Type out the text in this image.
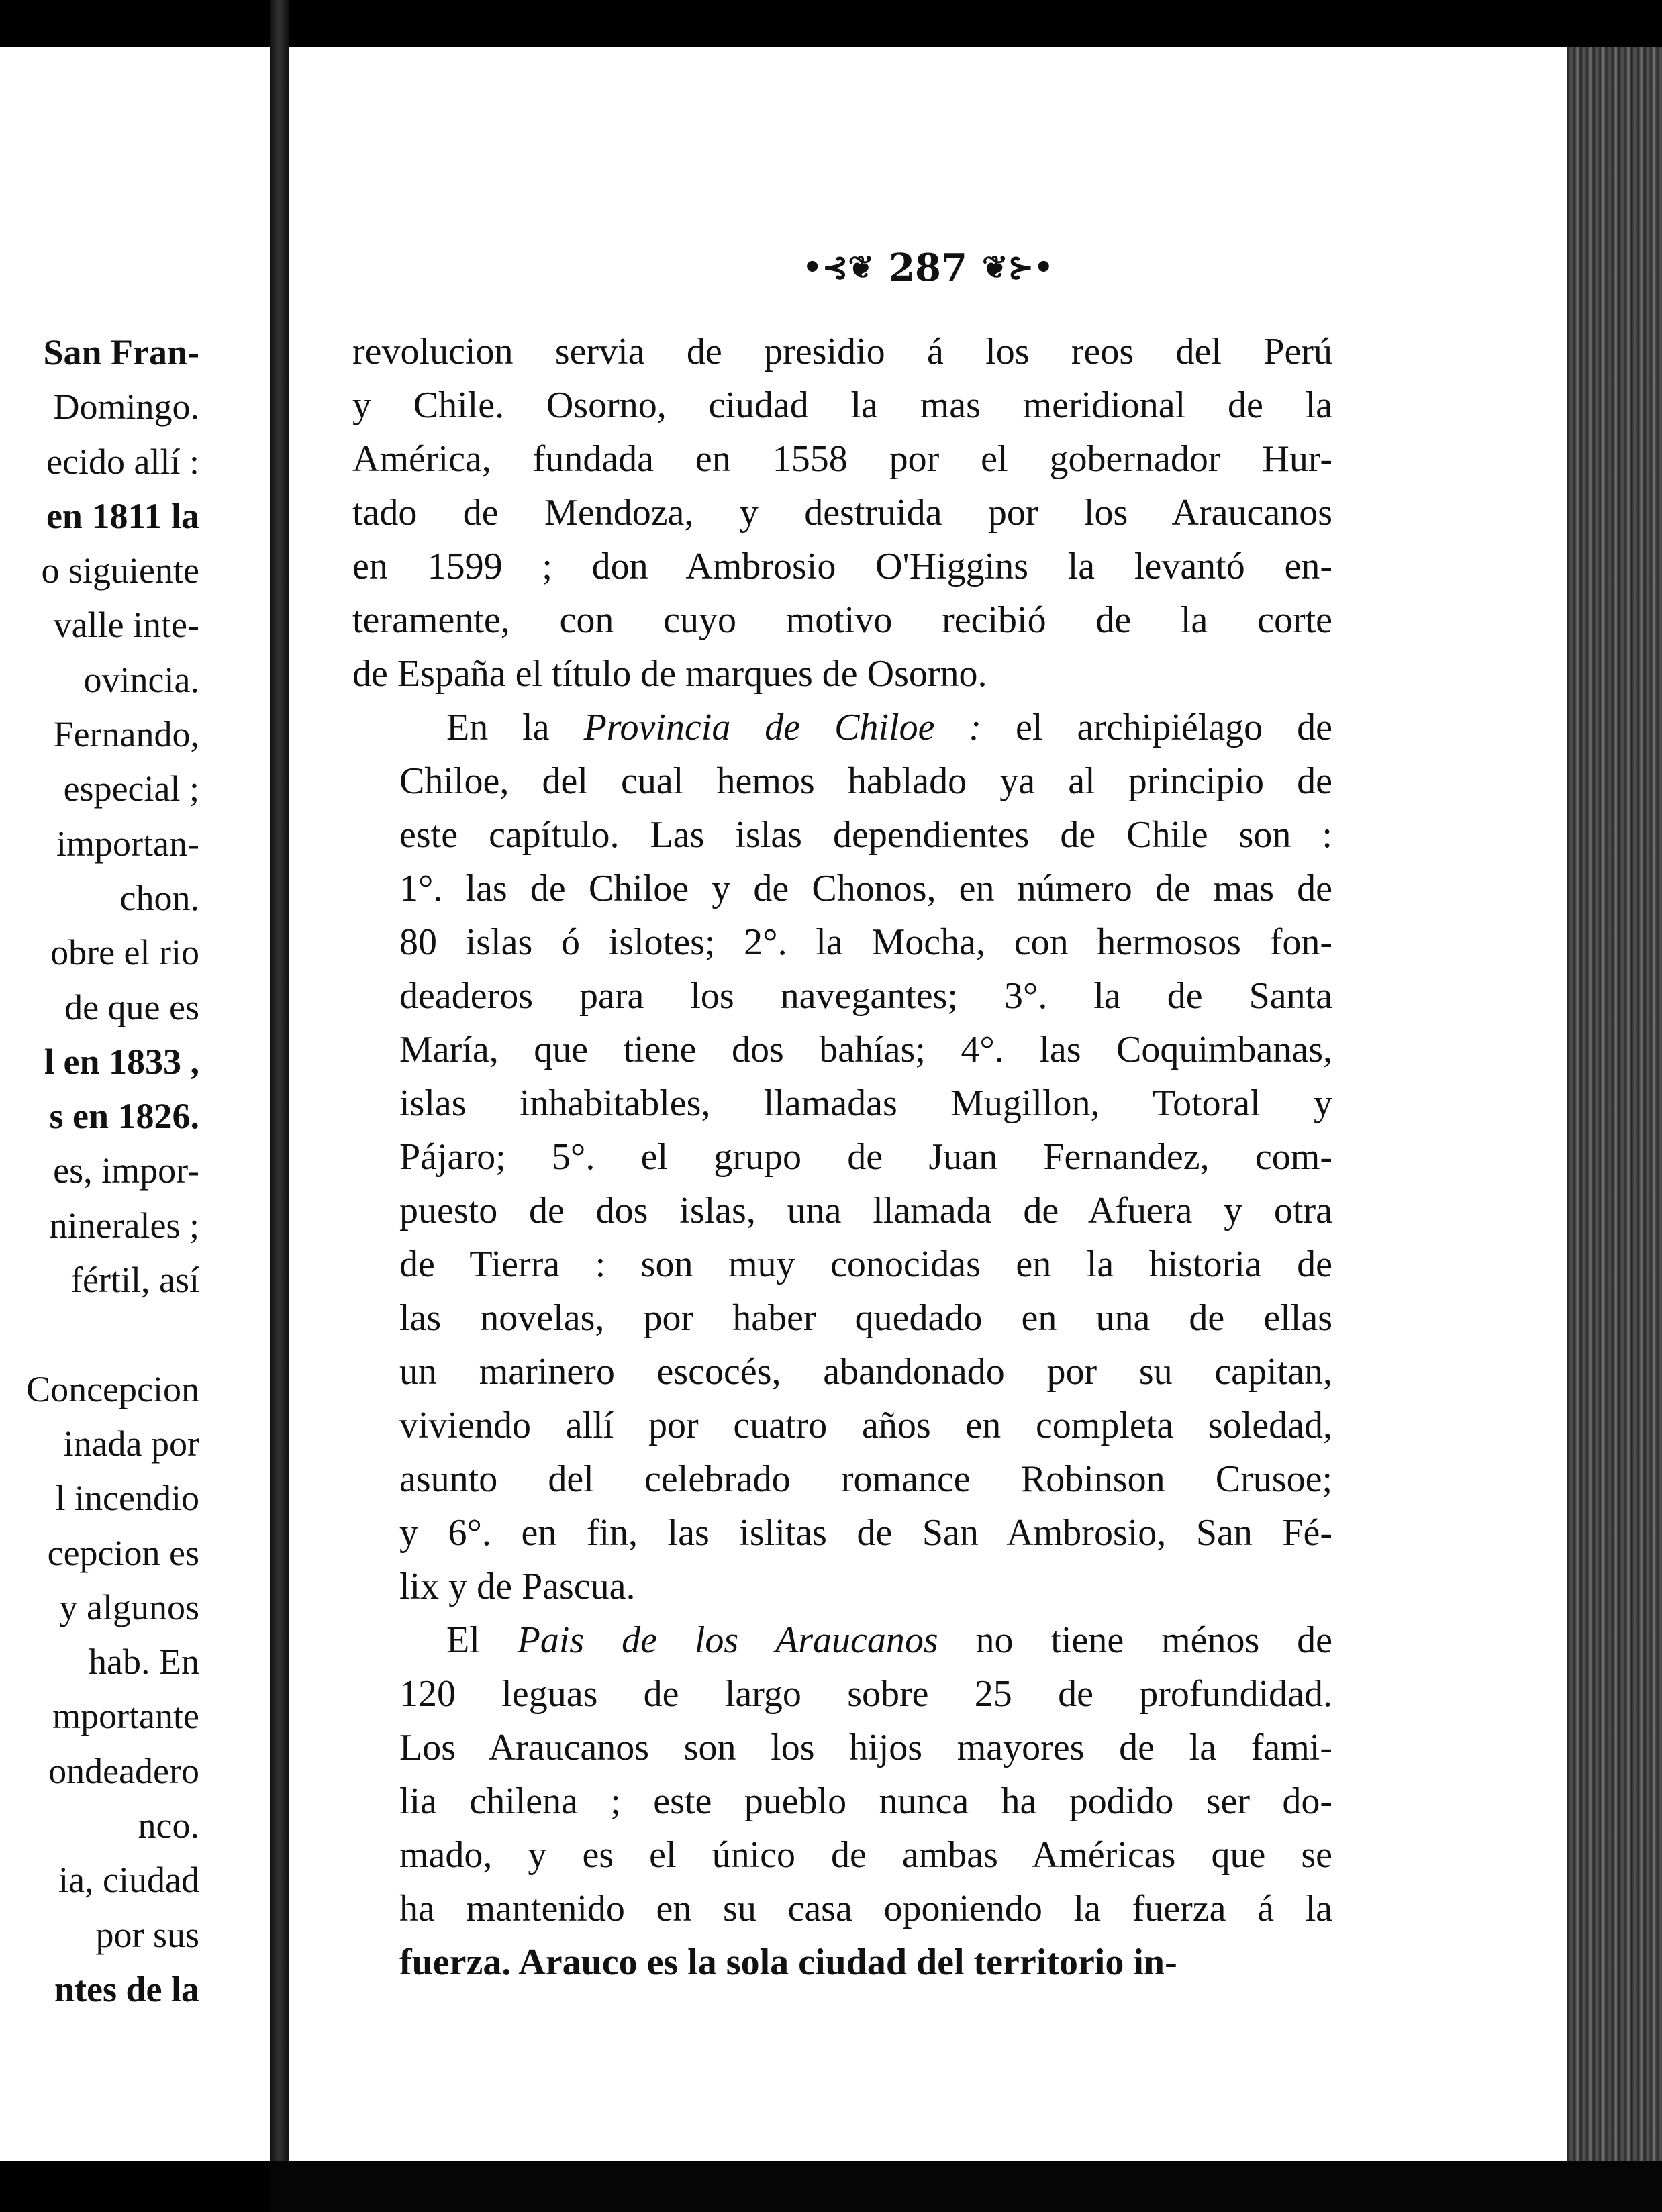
San Fran-
Domingo.
ecido allí :
en 1811 la
o siguiente
valle inte-
ovincia.
Fernando,
especial ;
importan-
chon.
obre el rio
de que es
l en 1833 ,
s en 1826.
es, impor-
ninerales ;
fértil, así

Concepcion
inada por
l incendio
cepcion es
y algunos
hab. En
mportante
ondeadero
nco.
ia, ciudad
por sus
ntes de la
•⊰❦ 287 ❦⊱•
revolucion servia de presidio á los reos del Perú
y Chile. Osorno, ciudad la mas meridional de la
América, fundada en 1558 por el gobernador Hur-
tado de Mendoza, y destruida por los Araucanos
en 1599 ; don Ambrosio O'Higgins la levantó en-
teramente, con cuyo motivo recibió de la corte
de España el título de marques de Osorno.
En la Provincia de Chiloe : el archipiélago de
Chiloe, del cual hemos hablado ya al principio de
este capítulo. Las islas dependientes de Chile son :
1°. las de Chiloe y de Chonos, en número de mas de
80 islas ó islotes; 2°. la Mocha, con hermosos fon-
deaderos para los navegantes; 3°. la de Santa
María, que tiene dos bahías; 4°. las Coquimbanas,
islas inhabitables, llamadas Mugillon, Totoral y
Pájaro; 5°. el grupo de Juan Fernandez, com-
puesto de dos islas, una llamada de Afuera y otra
de Tierra : son muy conocidas en la historia de
las novelas, por haber quedado en una de ellas
un marinero escocés, abandonado por su capitan,
viviendo allí por cuatro años en completa soledad,
asunto del celebrado romance Robinson Crusoe;
y 6°. en fin, las islitas de San Ambrosio, San Fé-
lix y de Pascua.
El Pais de los Araucanos no tiene ménos de
120 leguas de largo sobre 25 de profundidad.
Los Araucanos son los hijos mayores de la fami-
lia chilena ; este pueblo nunca ha podido ser do-
mado, y es el único de ambas Américas que se
ha mantenido en su casa oponiendo la fuerza á la
fuerza. Arauco es la sola ciudad del territorio in-
